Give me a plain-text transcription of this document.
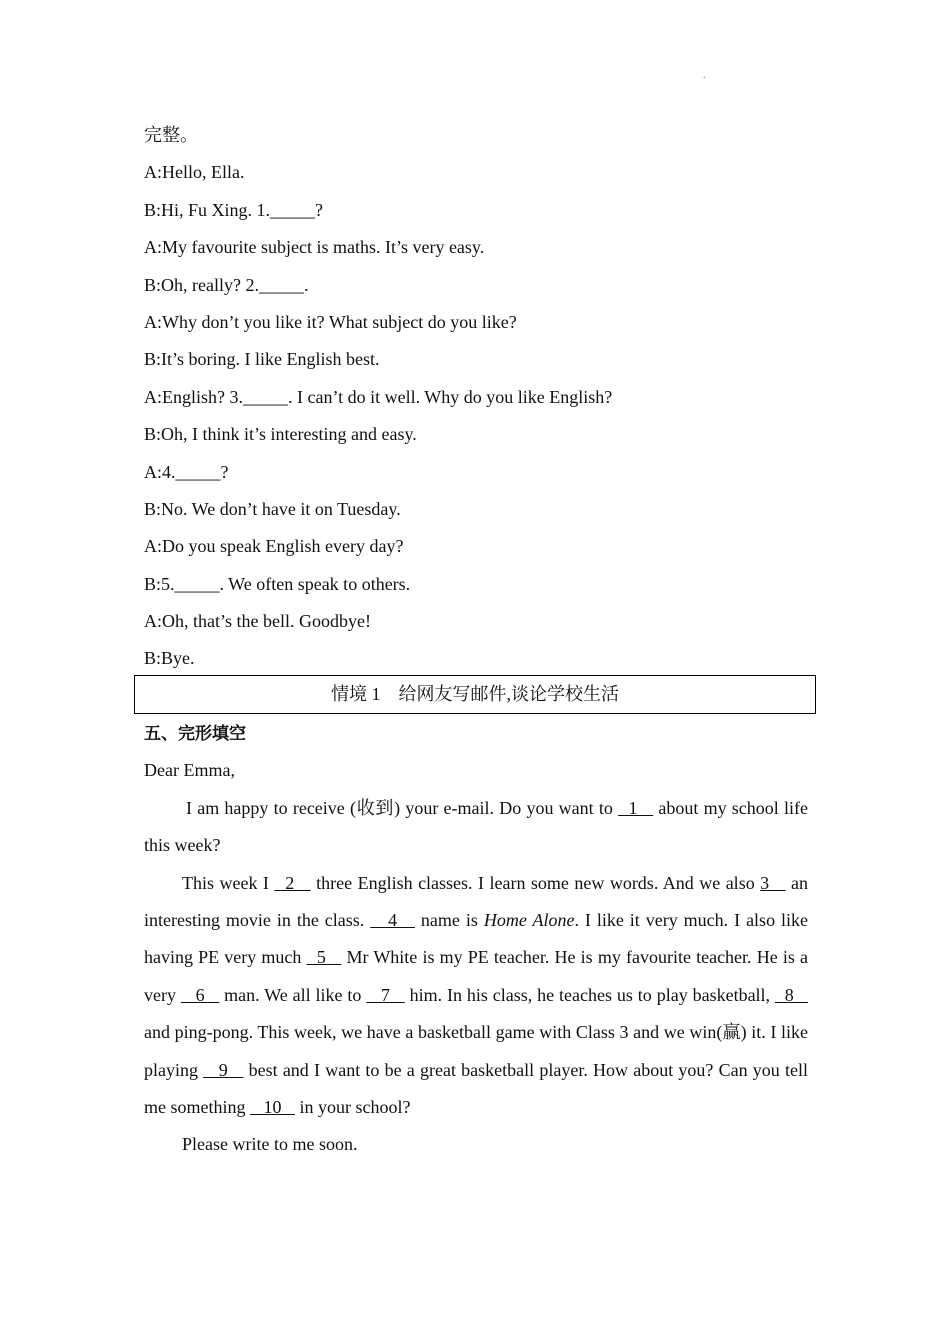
.
完整。
A:Hello, Ella.
B:Hi, Fu Xing. 1._____?
A:My favourite subject is maths. It’s very easy.
B:Oh, really? 2._____.
A:Why don’t you like it? What subject do you like?
B:It’s boring. I like English best.
A:English? 3._____. I can’t do it well. Why do you like English?
B:Oh, I think it’s interesting and easy.
A:4._____?
B:No. We don’t have it on Tuesday.
A:Do you speak English every day?
B:5._____. We often speak to others.
A:Oh, that’s the bell. Goodbye!
B:Bye.
情境 1　给网友写邮件,谈论学校生活
五、完形填空
Dear Emma,
I am happy to receive (收到) your e-mail. Do you want to   1    about my school life this week?
This week I   2    three English classes. I learn some new words. And we also 3    an interesting movie in the class.    4    name is Home Alone. I like it very much. I also like having PE very much   5    Mr White is my PE teacher. He is my favourite teacher. He is a very    6    man. We all like to    7    him. In his class, he teaches us to play basketball,   8    and ping-pong. This week, we have a basketball game with Class 3 and we win(赢) it. I like playing    9    best and I want to be a great basketball player. How about you? Can you tell me something    10    in your school?
Please write to me soon.
